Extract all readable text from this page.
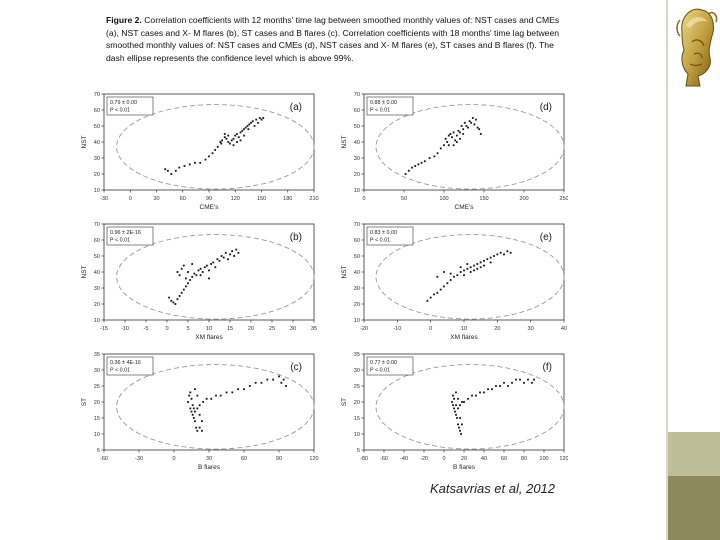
Figure 2. Correlation coefficients with 12 months' time lag between smoothed monthly values of: NST cases and CMEs (a), NST cases and X- M flares (b), ST cases and B flares (c). Correlation coefficients with 18 months' time lag between smoothed monthly values of: NST cases and CMEs (d), NST cases and X- M flares (e), ST cases and B flares (f). The dash ellipse represents the confidence level which is above 99%.
-30	0	30	60	90	120	150	180	210
10
20
30
40
50
60
70
CME's
NST
0.79 ± 0.00
P < 0.01	(a)
0	50	100	150	200	250
10
20
30
40
50
60
70
CME's
NST
0.88 ± 0.00
P < 0.01	(d)
-15 -10	-5	0	5	10	15	20	25	30	35
10
20
30
40
50
60
70
XM flares
NST
0.96 ± 2E-16
P < 0.01	(b)
-20	-10	0	10	20	30	40
10
20
30
40
50
60
70
XM flares
NST
0.83 ± 0.00
P < 0.01	(e)
-60	-30	0	30	60	90	120
5
10
15
20
25
30
35
B flares
ST
0.36 ± 4E-16
P < 0.01	(c)
-80 -60 -40 -20	0	20 40 60 80 100 120
5
10
15
20
25
30
35
B flares
ST
0.77 ± 0.00
P < 0.01	(f)
Katsavrias et al, 2012
